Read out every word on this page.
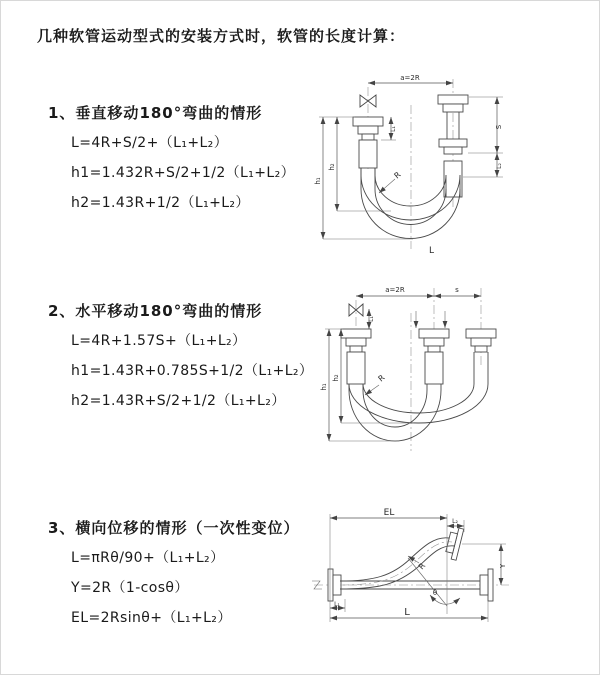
几种软管运动型式的安装方式时，软管的长度计算：
1、垂直移动180°弯曲的情形
L=4R+S/2+（L₁+L₂）
h1=1.432R+S/2+1/2（L₁+L₂）
h2=1.43R+1/2（L₁+L₂）
2、水平移动180°弯曲的情形
L=4R+1.57S+（L₁+L₂）
h1=1.43R+0.785S+1/2（L₁+L₂）
h2=1.43R+S/2+1/2（L₁+L₂）
3、横向位移的情形（一次性变位）
L=πRθ/90+（L₁+L₂）
Y=2R（1-cosθ）
EL=2Rsinθ+（L₁+L₂）
a=2R
h₁
h₂
L₁	S
L₂
R
L
a=2R	s
h₁
h₂
L₁
R
EL
L₂
Y
θ
R
L
L₁
